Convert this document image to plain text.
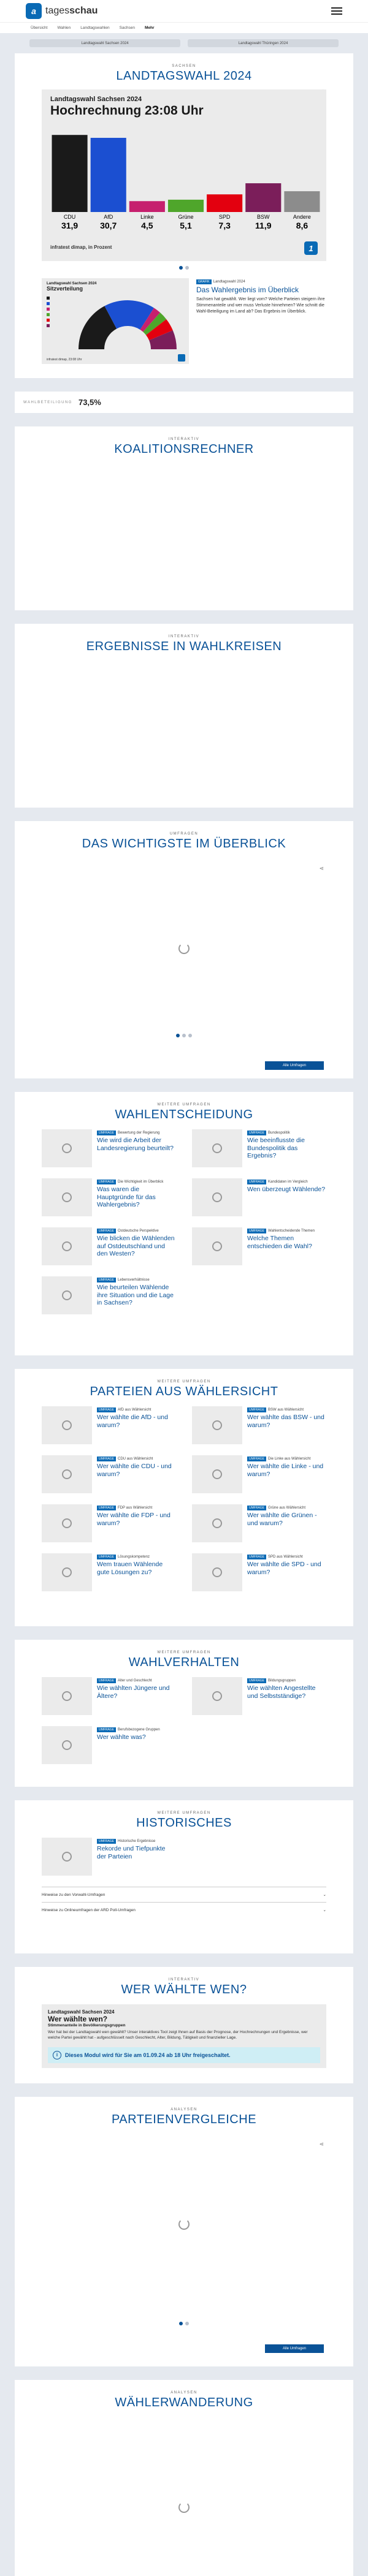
a tagesschau
Übersicht Wahlen Landtagswahlen Sachsen Mehr
Landtagswahl Sachsen 2024	Landtagswahl Thüringen 2024
SACHSEN
LANDTAGSWAHL 2024
Landtagswahl Sachsen 2024
Hochrechnung 23:08 Uhr
CDU
31,9
AfD
30,7
Linke
4,5
Grüne
5,1
SPD
7,3
BSW
11,9
Andere
8,6
infratest dimap, in Prozent	1
Landtagswahl Sachsen 2024
Sitzverteilung
infratest dimap, 23:08 Uhr
GRAFIK Landtagswahl 2024
Das Wahlergebnis im Überblick
Sachsen hat gewählt. Wer liegt vorn? Welche Parteien steigern ihre Stimmenanteile und wer muss Verluste hinnehmen? Wie schnitt die Wahl-Beteiligung im Land ab? Das Ergebnis im Überblick.
WAHLBETEILIGUNG 73,5%
INTERAKTIV
KOALITIONSRECHNER
INTERAKTIV
ERGEBNISSE IN WAHLKREISEN
UMFRAGEN
DAS WICHTIGSTE IM ÜBERBLICK
⋖
Alle Umfragen
WEITERE UMFRAGEN
WAHLENTSCHEIDUNG
UMFRAGE Bewertung der Regierung
Wie wird die Arbeit der Landesregierung beurteilt?
UMFRAGE Bundespolitik
Wie beeinflusste die Bundespolitik das Ergebnis?
UMFRAGE Die Wichtigkeit im Überblick
Was waren die Hauptgründe für das Wahlergebnis?
UMFRAGE Kandidaten im Vergleich
Wen überzeugt Wählende?
UMFRAGE Ostdeutsche Perspektive
Wie blicken die Wählenden auf Ostdeutschland und den Westen?
UMFRAGE Wahlentscheidende Themen
Welche Themen entschieden die Wahl?
UMFRAGE Lebensverhältnisse
Wie beurteilen Wählende ihre Situation und die Lage in Sachsen?
WEITERE UMFRAGEN
PARTEIEN AUS WÄHLERSICHT
UMFRAGE AfD aus Wählersicht
Wer wählte die AfD - und warum?
UMFRAGE BSW aus Wählersicht
Wer wählte das BSW - und warum?
UMFRAGE CDU aus Wählersicht
Wer wählte die CDU - und warum?
UMFRAGE Die Linke aus Wählersicht
Wer wählte die Linke - und warum?
UMFRAGE FDP aus Wählersicht
Wer wählte die FDP - und warum?
UMFRAGE Grüne aus Wählersicht
Wer wählte die Grünen - und warum?
UMFRAGE Lösungskompetenz
Wem trauen Wählende gute Lösungen zu?
UMFRAGE SPD aus Wählersicht
Wer wählte die SPD - und warum?
WEITERE UMFRAGEN
WAHLVERHALTEN
UMFRAGE Alter und Geschlecht
Wie wählten Jüngere und Ältere?
UMFRAGE Bildungsgruppen
Wie wählten Angestellte und Selbstständige?
UMFRAGE Berufsbezogene Gruppen
Wer wählte was?
WEITERE UMFRAGEN
HISTORISCHES
UMFRAGE Historische Ergebnisse
Rekorde und Tiefpunkte der Parteien
Hinweise zu den Vorwahl-Umfragen	⌄
Hinweise zu Onlineumfragen der ARD Poll-Umfragen	⌄
INTERAKTIV
WER WÄHLTE WEN?
Landtagswahl Sachsen 2024
Wer wählte wen?
Stimmenanteile in Bevölkerungsgruppen
Wer hat bei der Landtagswahl wen gewählt? Unser interaktives Tool zeigt Ihnen auf Basis der Prognose, der Hochrechnungen und Ergebnisse, wer welche Partei gewählt hat - aufgeschlüsselt nach Geschlecht, Alter, Bildung, Tätigkeit und finanzieller Lage.
i	Dieses Modul wird für Sie am 01.09.24 ab 18 Uhr freigeschaltet.
ANALYSEN
PARTEIENVERGLEICHE
⋖
Alle Umfragen
ANALYSEN
WÄHLERWANDERUNG
